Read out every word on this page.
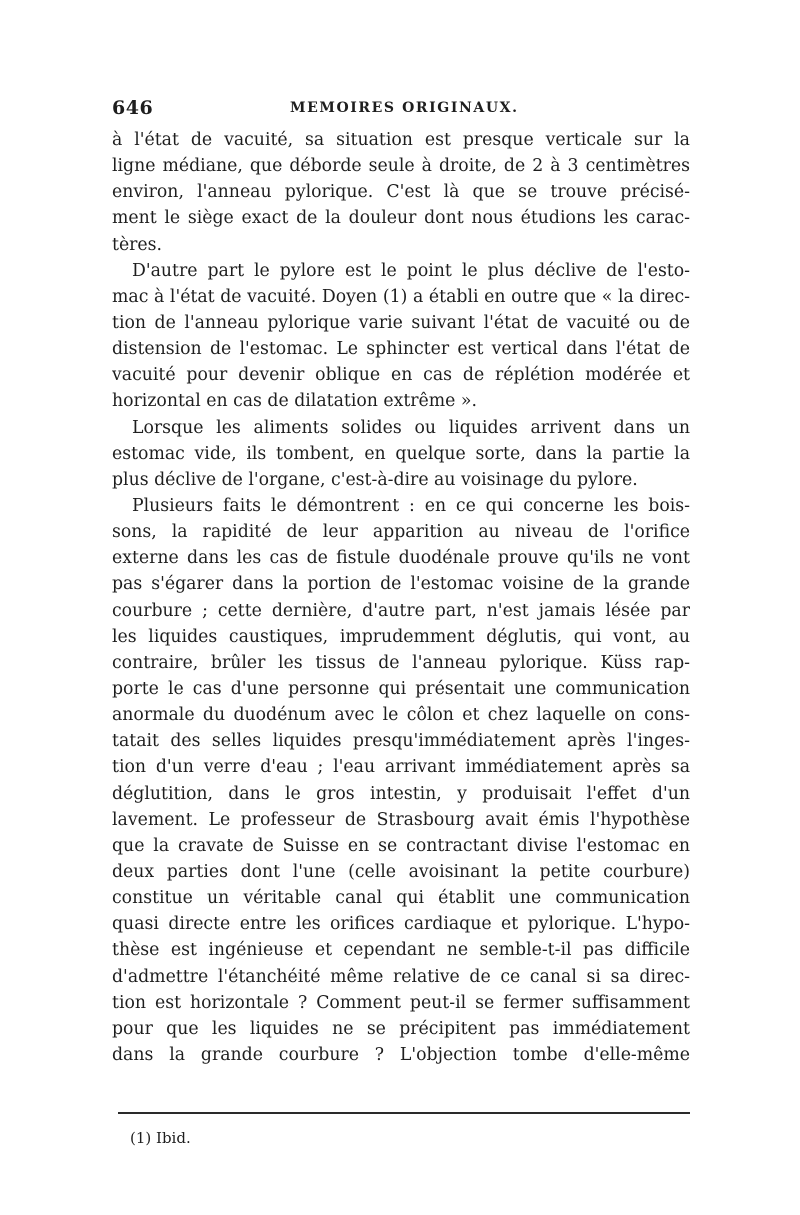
646	MEMOIRES ORIGINAUX.
à l'état de vacuité, sa situation est presque verticale sur la
ligne médiane, que déborde seule à droite, de 2 à 3 centimètres
environ, l'anneau pylorique. C'est là que se trouve précisé-
ment le siège exact de la douleur dont nous étudions les carac-
tères.
D'autre part le pylore est le point le plus déclive de l'esto-
mac à l'état de vacuité. Doyen (1) a établi en outre que « la direc-
tion de l'anneau pylorique varie suivant l'état de vacuité ou de
distension de l'estomac. Le sphincter est vertical dans l'état de
vacuité pour devenir oblique en cas de réplétion modérée et
horizontal en cas de dilatation extrême ».
Lorsque les aliments solides ou liquides arrivent dans un
estomac vide, ils tombent, en quelque sorte, dans la partie la
plus déclive de l'organe, c'est-à-dire au voisinage du pylore.
Plusieurs faits le démontrent : en ce qui concerne les bois-
sons, la rapidité de leur apparition au niveau de l'orifice
externe dans les cas de fistule duodénale prouve qu'ils ne vont
pas s'égarer dans la portion de l'estomac voisine de la grande
courbure ; cette dernière, d'autre part, n'est jamais lésée par
les liquides caustiques, imprudemment déglutis, qui vont, au
contraire, brûler les tissus de l'anneau pylorique. Küss rap-
porte le cas d'une personne qui présentait une communication
anormale du duodénum avec le côlon et chez laquelle on cons-
tatait des selles liquides presqu'immédiatement après l'inges-
tion d'un verre d'eau ; l'eau arrivant immédiatement après sa
déglutition, dans le gros intestin, y produisait l'effet d'un
lavement. Le professeur de Strasbourg avait émis l'hypothèse
que la cravate de Suisse en se contractant divise l'estomac en
deux parties dont l'une (celle avoisinant la petite courbure)
constitue un véritable canal qui établit une communication
quasi directe entre les orifices cardiaque et pylorique. L'hypo-
thèse est ingénieuse et cependant ne semble-t-il pas difficile
d'admettre l'étanchéité même relative de ce canal si sa direc-
tion est horizontale ? Comment peut-il se fermer suffisamment
pour que les liquides ne se précipitent pas immédiatement
dans la grande courbure ? L'objection tombe d'elle-même
(1) Ibid.
